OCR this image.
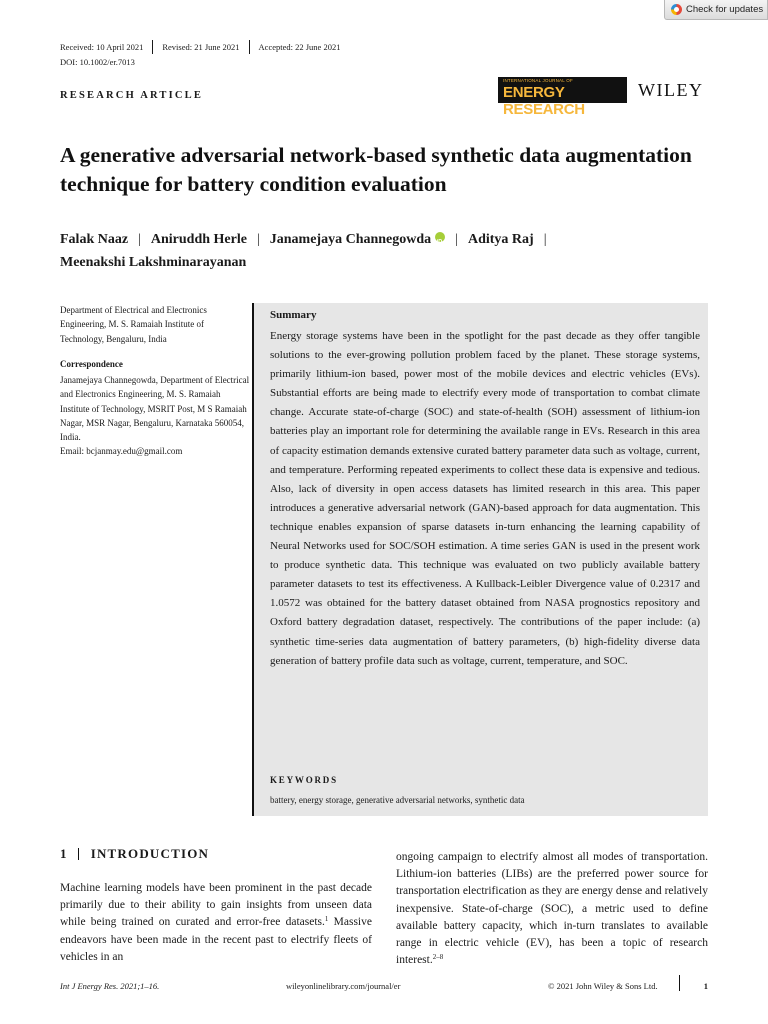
Check for updates
Received: 10 April 2021 Revised: 21 June 2021 Accepted: 22 June 2021
DOI: 10.1002/er.7013
RESEARCH ARTICLE
INTERNATIONAL JOURNAL OF
ENERGY RESEARCH
WILEY
A generative adversarial network-based synthetic data augmentation technique for battery condition evaluation
Falak Naaz | Aniruddh Herle | Janamejaya ChannegowdaiD | Aditya Raj |
Meenakshi Lakshminarayanan
Department of Electrical and Electronics Engineering, M. S. Ramaiah Institute of Technology, Bengaluru, India
Correspondence
Janamejaya Channegowda, Department of Electrical and Electronics Engineering, M. S. Ramaiah Institute of Technology, MSRIT Post, M S Ramaiah Nagar, MSR Nagar, Bengaluru, Karnataka 560054, India.
Email: bcjanmay.edu@gmail.com
Summary

Energy storage systems have been in the spotlight for the past decade as they offer tangible solutions to the ever-growing pollution problem faced by the planet. These storage systems, primarily lithium-ion based, power most of the mobile devices and electric vehicles (EVs). Substantial efforts are being made to electrify every mode of transportation to combat climate change. Accurate state-of-charge (SOC) and state-of-health (SOH) assessment of lithium-ion batteries play an important role for determining the available range in EVs. Research in this area of capacity estimation demands extensive curated battery parameter data such as voltage, current, and temperature. Performing repeated experiments to collect these data is expensive and tedious. Also, lack of diversity in open access datasets has limited research in this area. This paper introduces a generative adversarial network (GAN)-based approach for data augmentation. This technique enables expansion of sparse datasets in-turn enhancing the learning capability of Neural Networks used for SOC/SOH estimation. A time series GAN is used in the present work to produce synthetic data. This technique was evaluated on two publicly available battery parameter datasets to test its effectiveness. A Kullback-Leibler Divergence value of 0.2317 and 1.0572 was obtained for the battery dataset obtained from NASA prognostics repository and Oxford battery degradation dataset, respectively. The contributions of the paper include: (a) synthetic time-series data augmentation of battery parameters, (b) high-fidelity diverse data generation of battery profile data such as voltage, current, temperature, and SOC.

KEYWORDS
battery, energy storage, generative adversarial networks, synthetic data
1 INTRODUCTION

Machine learning models have been prominent in the past decade primarily due to their ability to gain insights from unseen data while being trained on curated and error-free datasets.$^1$ Massive endeavors have been made in the recent past to electrify fleets of vehicles in an

ongoing campaign to electrify almost all modes of transportation. Lithium-ion batteries (LIBs) are the preferred power source for transportation electrification as they are energy dense and relatively inexpensive. State-of-charge (SOC), a metric used to define available battery capacity, which in-turn translates to available range in electric vehicle (EV), has been a topic of research interest.$^{2-8}$

Int J Energy Res. 2021;1–16.	wileyonlinelibrary.com/journal/er	© 2021 John Wiley & Sons Ltd.	1
